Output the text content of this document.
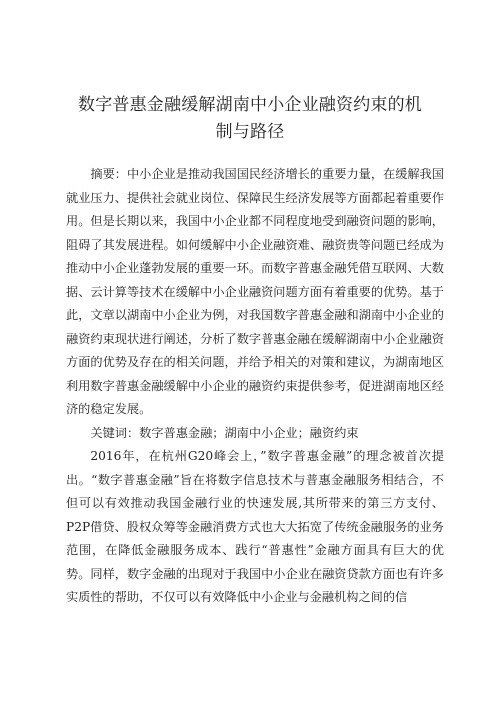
数字普惠金融缓解湖南中小企业融资约束的机
制与路径

摘要：中小企业是推动我国国民经济增长的重要力量，在缓解我国就业压力、提供社会就业岗位、保障民生经济发展等方面都起着重要作用。但是长期以来，我国中小企业都不同程度地受到融资问题的影响，阻碍了其发展进程。如何缓解中小企业融资难、融资贵等问题已经成为推动中小企业蓬勃发展的重要一环。而数字普惠金融凭借互联网、大数据、云计算等技术在缓解中小企业融资问题方面有着重要的优势。基于此，文章以湖南中小企业为例，对我国数字普惠金融和湖南中小企业的融资约束现状进行阐述，分析了数字普惠金融在缓解湖南中小企业融资方面的优势及存在的相关问题，并给予相关的对策和建议，为湖南地区利用数字普惠金融缓解中小企业的融资约束提供参考，促进湖南地区经济的稳定发展。

关键词：数字普惠金融；湖南中小企业；融资约束

2016年，在杭州G20峰会上，”数字普惠金融”的理念被首次提出。“数字普惠金融”旨在将数字信息技术与普惠金融服务相结合，不但可以有效推动我国金融行业的快速发展,其所带来的第三方支付、P2P借贷、股权众筹等金融消费方式也大大拓宽了传统金融服务的业务范围，在降低金融服务成本、践行“普惠性”金融方面具有巨大的优势。同样，数字金融的出现对于我国中小企业在融资贷款方面也有许多实质性的帮助，不仅可以有效降低中小企业与金融机构之间的信
